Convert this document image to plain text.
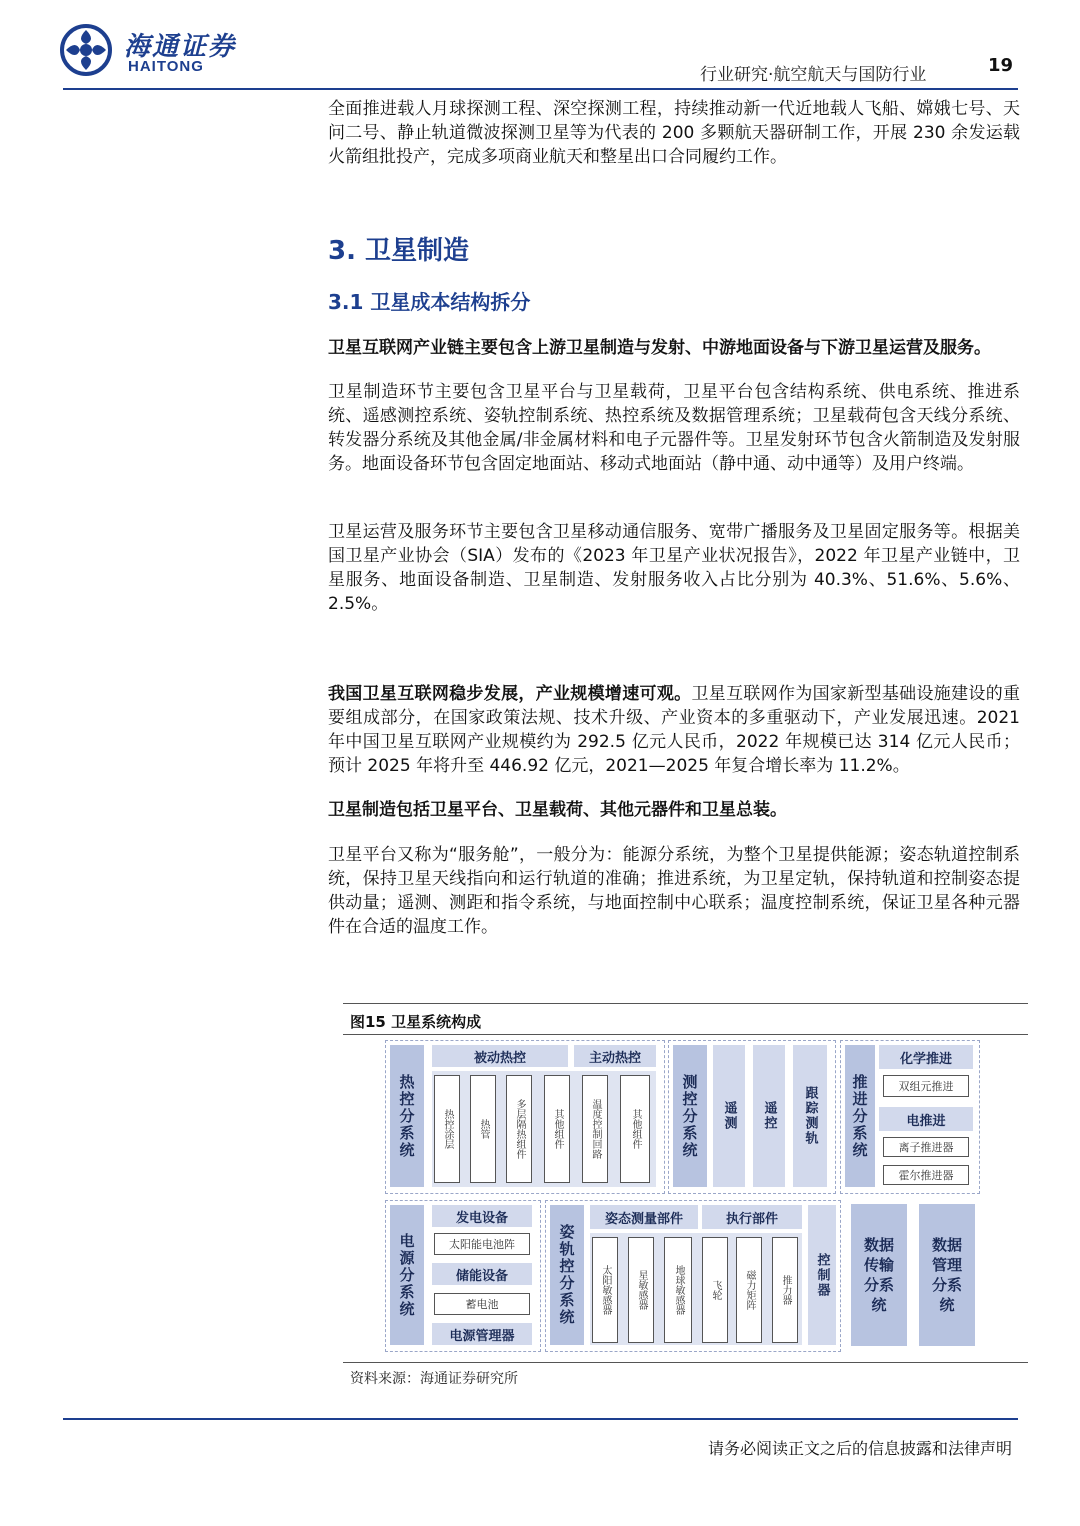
海通证券
HAITONG	行业研究·航空航天与国防行业	19
全面推进载人月球探测工程、深空探测工程，持续推动新一代近地载人飞船、嫦娥七号、天问二号、静止轨道微波探测卫星等为代表的 200 多颗航天器研制工作，开展 230 余发运载火箭组批投产，完成多项商业航天和整星出口合同履约工作。
3. 卫星制造
3.1 卫星成本结构拆分
卫星互联网产业链主要包含上游卫星制造与发射、中游地面设备与下游卫星运营及服务。
卫星制造环节主要包含卫星平台与卫星载荷，卫星平台包含结构系统、供电系统、推进系统、遥感测控系统、姿轨控制系统、热控系统及数据管理系统；卫星载荷包含天线分系统、转发器分系统及其他金属/非金属材料和电子元器件等。卫星发射环节包含火箭制造及发射服务。地面设备环节包含固定地面站、移动式地面站（静中通、动中通等）及用户终端。
卫星运营及服务环节主要包含卫星移动通信服务、宽带广播服务及卫星固定服务等。根据美国卫星产业协会（SIA）发布的《2023 年卫星产业状况报告》，2022 年卫星产业链中，卫星服务、地面设备制造、卫星制造、发射服务收入占比分别为 40.3%、51.6%、5.6%、2.5%。
我国卫星互联网稳步发展，产业规模增速可观。卫星互联网作为国家新型基础设施建设的重要组成部分，在国家政策法规、技术升级、产业资本的多重驱动下，产业发展迅速。2021 年中国卫星互联网产业规模约为 292.5 亿元人民币，2022 年规模已达 314 亿元人民币；预计 2025 年将升至 446.92 亿元，2021—2025 年复合增长率为 11.2%。
卫星制造包括卫星平台、卫星载荷、其他元器件和卫星总装。
卫星平台又称为“服务舱”，一般分为：能源分系统，为整个卫星提供能源；姿态轨道控制系统，保持卫星天线指向和运行轨道的准确；推进系统，为卫星定轨，保持轨道和控制姿态提供动量；遥测、测距和指令系统，与地面控制中心联系；温度控制系统，保证卫星各种元器件在合适的温度工作。
图15 卫星系统构成
热控分系统
被动热控	主动热控
热控涂层	热管	多层隔热组件	其他组件	温度控制回路	其他组件	测控分系统	遥测	遥控	跟踪测轨	推进分系统
化学推进
双组元推进
电推进
离子推进器
霍尔推进器
电源分系统
发电设备
太阳能电池阵
储能设备
蓄电池
电源管理器
姿轨控分系统
姿态测量部件	执行部件
太阳敏感器	星敏感器	地球敏感器	飞轮	磁力矩阵	推力器	控制器
数据传输分系统
数据管理分系统
资料来源：海通证券研究所
请务必阅读正文之后的信息披露和法律声明
